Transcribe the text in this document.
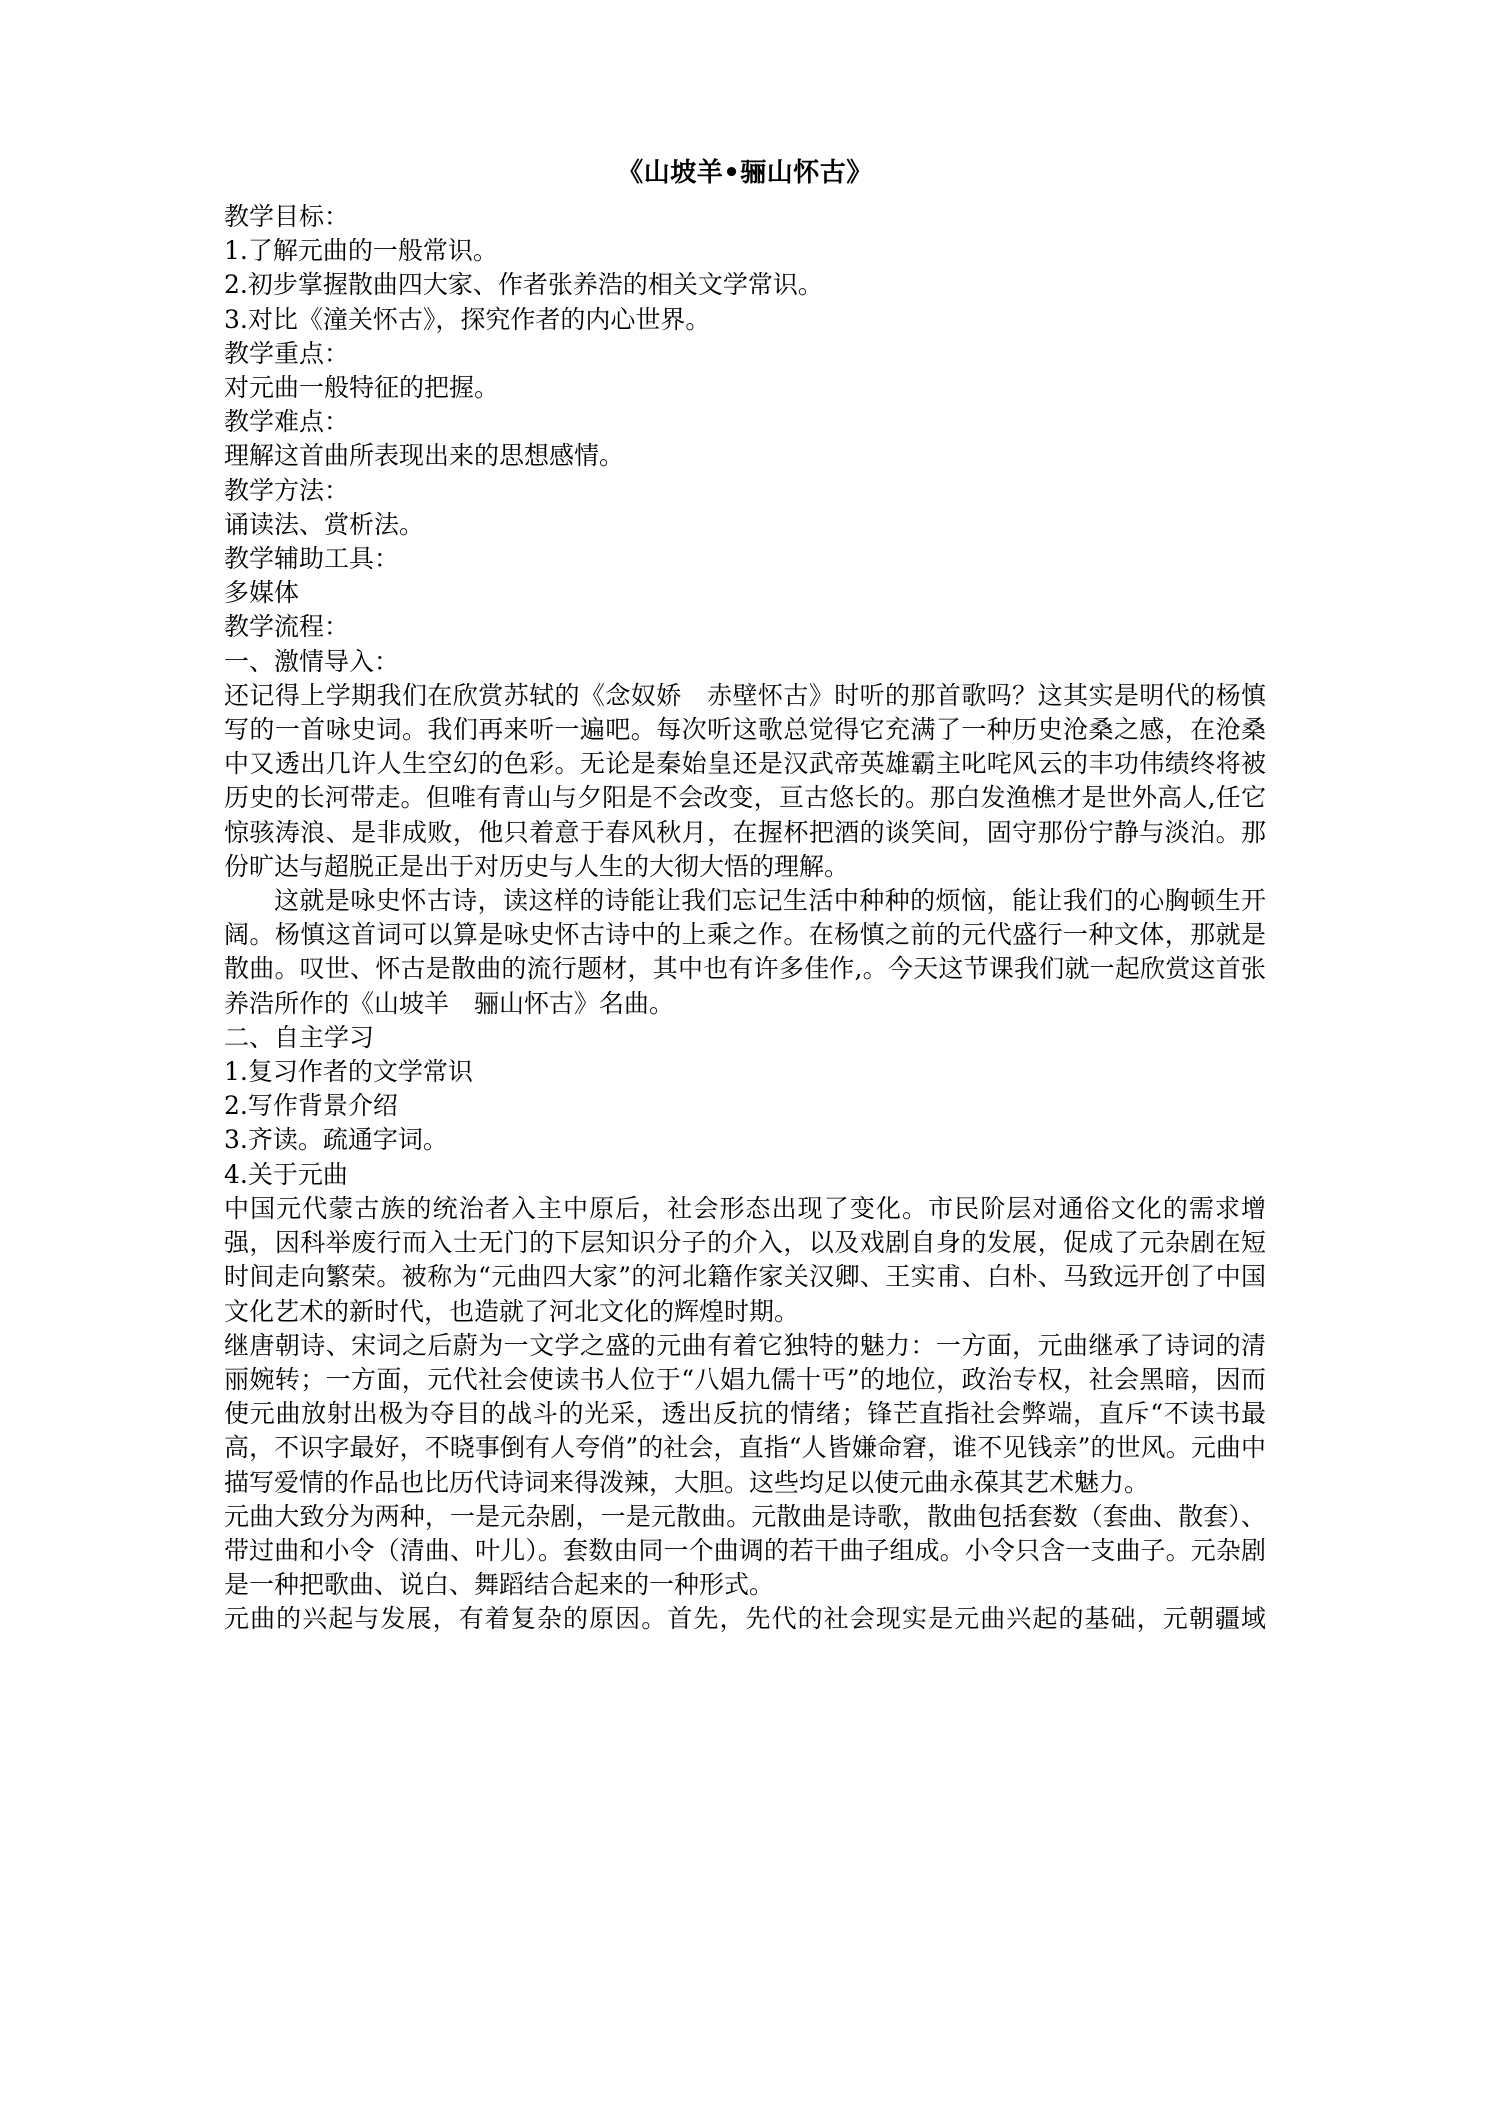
《山坡羊•骊山怀古》

教学目标：

1.了解元曲的一般常识。

2.初步掌握散曲四大家、作者张养浩的相关文学常识。

3.对比《潼关怀古》，探究作者的内心世界。

教学重点：

对元曲一般特征的把握。

教学难点：

理解这首曲所表现出来的思想感情。

教学方法：

诵读法、赏析法。

教学辅助工具：

多媒体

教学流程：

一、激情导入：

还记得上学期我们在欣赏苏轼的《念奴娇　赤壁怀古》时听的那首歌吗？这其实是明代的杨慎写的一首咏史词。我们再来听一遍吧。每次听这歌总觉得它充满了一种历史沧桑之感，在沧桑中又透出几许人生空幻的色彩。无论是秦始皇还是汉武帝英雄霸主叱咤风云的丰功伟绩终将被历史的长河带走。但唯有青山与夕阳是不会改变，亘古悠长的。那白发渔樵才是世外高人,任它惊骇涛浪、是非成败，他只着意于春风秋月，在握杯把酒的谈笑间，固守那份宁静与淡泊。那份旷达与超脱正是出于对历史与人生的大彻大悟的理解。

这就是咏史怀古诗，读这样的诗能让我们忘记生活中种种的烦恼，能让我们的心胸顿生开阔。杨慎这首词可以算是咏史怀古诗中的上乘之作。在杨慎之前的元代盛行一种文体，那就是散曲。叹世、怀古是散曲的流行题材，其中也有许多佳作,。今天这节课我们就一起欣赏这首张养浩所作的《山坡羊　骊山怀古》名曲。

二、自主学习

1.复习作者的文学常识

2.写作背景介绍

3.齐读。疏通字词。

4.关于元曲

中国元代蒙古族的统治者入主中原后，社会形态出现了变化。市民阶层对通俗文化的需求增强，因科举废行而入士无门的下层知识分子的介入，以及戏剧自身的发展，促成了元杂剧在短时间走向繁荣。被称为“元曲四大家”的河北籍作家关汉卿、王实甫、白朴、马致远开创了中国文化艺术的新时代，也造就了河北文化的辉煌时期。

继唐朝诗、宋词之后蔚为一文学之盛的元曲有着它独特的魅力：一方面，元曲继承了诗词的清丽婉转；一方面，元代社会使读书人位于“八娼九儒十丐”的地位，政治专权，社会黑暗，因而使元曲放射出极为夺目的战斗的光采，透出反抗的情绪；锋芒直指社会弊端，直斥“不读书最高，不识字最好，不晓事倒有人夸俏”的社会，直指“人皆嫌命窘，谁不见钱亲”的世风。元曲中描写爱情的作品也比历代诗词来得泼辣，大胆。这些均足以使元曲永葆其艺术魅力。

元曲大致分为两种，一是元杂剧，一是元散曲。元散曲是诗歌，散曲包括套数（套曲、散套）、带过曲和小令（清曲、叶儿）。套数由同一个曲调的若干曲子组成。小令只含一支曲子。元杂剧是一种把歌曲、说白、舞蹈结合起来的一种形式。

元曲的兴起与发展，有着复杂的原因。首先，先代的社会现实是元曲兴起的基础，元朝疆域
